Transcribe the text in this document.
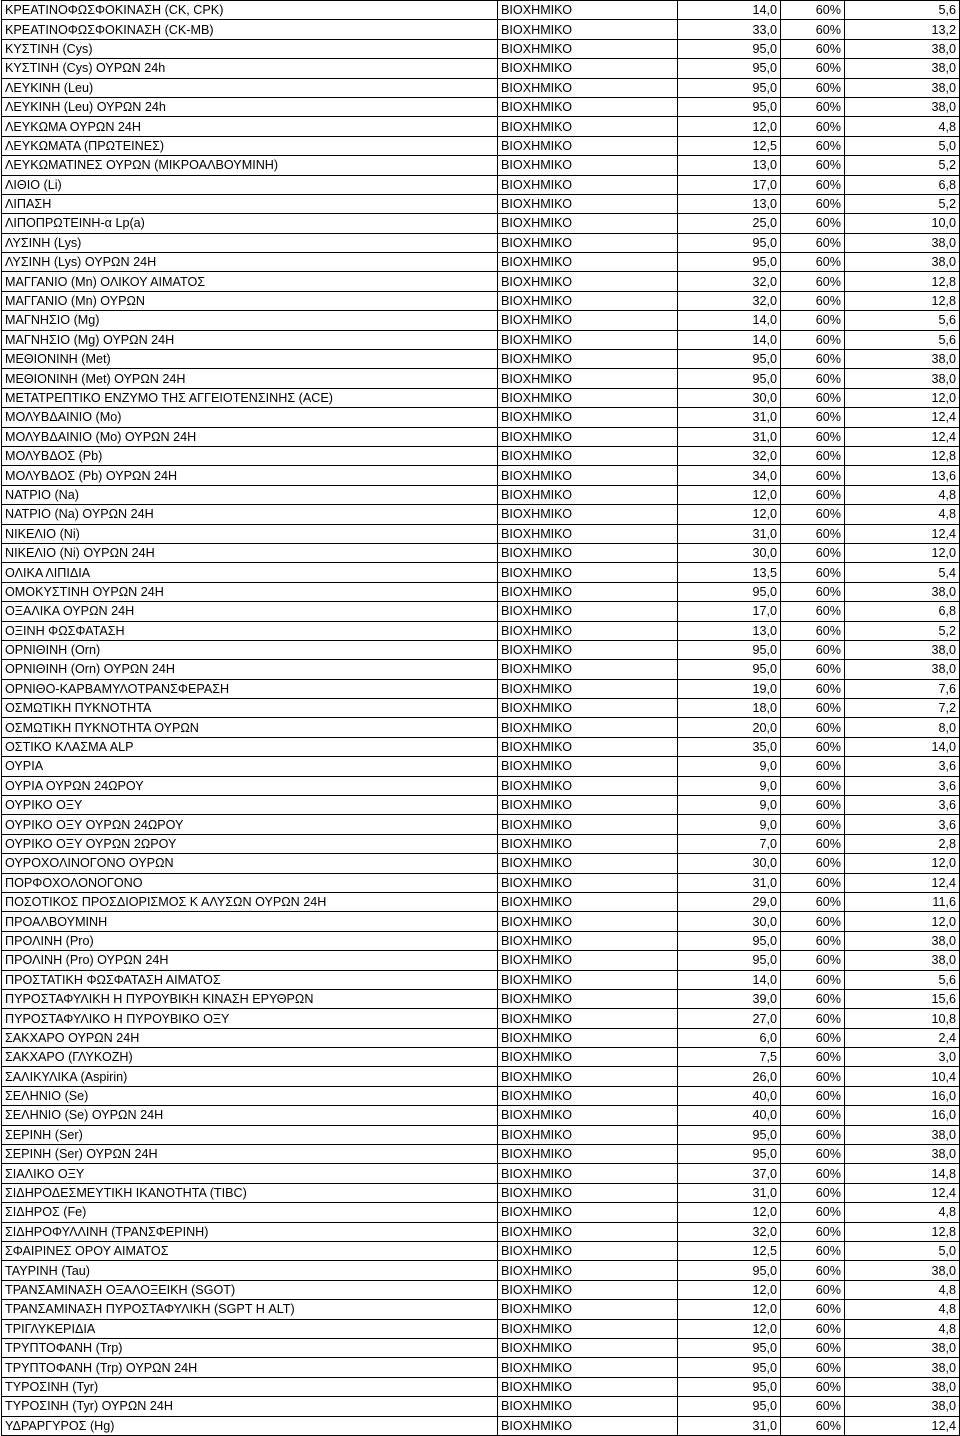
ΚΡΕΑΤΙΝΟΦΩΣΦΟΚΙΝΑΣΗ (CK, CPK)	ΒΙΟΧΗΜΙΚΟ	14,0	60%	5,6
ΚΡΕΑΤΙΝΟΦΩΣΦΟΚΙΝΑΣΗ (CK-MB)	ΒΙΟΧΗΜΙΚΟ	33,0	60%	13,2
ΚΥΣΤΙΝΗ (Cys)	ΒΙΟΧΗΜΙΚΟ	95,0	60%	38,0
ΚΥΣΤΙΝΗ (Cys) ΟΥΡΩΝ 24h	ΒΙΟΧΗΜΙΚΟ	95,0	60%	38,0
ΛΕΥΚΙΝΗ (Leu)	ΒΙΟΧΗΜΙΚΟ	95,0	60%	38,0
ΛΕΥΚΙΝΗ (Leu) ΟΥΡΩΝ 24h	ΒΙΟΧΗΜΙΚΟ	95,0	60%	38,0
ΛΕΥΚΩΜΑ ΟΥΡΩΝ 24Η	ΒΙΟΧΗΜΙΚΟ	12,0	60%	4,8
ΛΕΥΚΩΜΑΤΑ (ΠΡΩΤΕΙΝΕΣ)	ΒΙΟΧΗΜΙΚΟ	12,5	60%	5,0
ΛΕΥΚΩΜΑΤΙΝΕΣ ΟΥΡΩΝ (ΜΙΚΡΟΑΛΒΟΥΜΙΝΗ)	ΒΙΟΧΗΜΙΚΟ	13,0	60%	5,2
ΛΙΘΙΟ (Li)	ΒΙΟΧΗΜΙΚΟ	17,0	60%	6,8
ΛΙΠΑΣΗ	ΒΙΟΧΗΜΙΚΟ	13,0	60%	5,2
ΛΙΠΟΠΡΩΤΕΙΝΗ-α Lp(a)	ΒΙΟΧΗΜΙΚΟ	25,0	60%	10,0
ΛΥΣΙΝΗ (Lys)	ΒΙΟΧΗΜΙΚΟ	95,0	60%	38,0
ΛΥΣΙΝΗ (Lys) ΟΥΡΩΝ 24Η	ΒΙΟΧΗΜΙΚΟ	95,0	60%	38,0
ΜΑΓΓΑΝΙΟ (Mn) ΟΛΙΚΟΥ ΑΙΜΑΤΟΣ	ΒΙΟΧΗΜΙΚΟ	32,0	60%	12,8
ΜΑΓΓΑΝΙΟ (Mn) ΟΥΡΩΝ	ΒΙΟΧΗΜΙΚΟ	32,0	60%	12,8
ΜΑΓΝΗΣΙΟ (Mg)	ΒΙΟΧΗΜΙΚΟ	14,0	60%	5,6
ΜΑΓΝΗΣΙΟ (Mg) ΟΥΡΩΝ 24Η	ΒΙΟΧΗΜΙΚΟ	14,0	60%	5,6
ΜΕΘΙΟΝΙΝΗ (Met)	ΒΙΟΧΗΜΙΚΟ	95,0	60%	38,0
ΜΕΘΙΟΝΙΝΗ (Met) ΟΥΡΩΝ 24Η	ΒΙΟΧΗΜΙΚΟ	95,0	60%	38,0
ΜΕΤΑΤΡΕΠΤΙΚΟ ΕΝΖΥΜΟ ΤΗΣ ΑΓΓΕΙΟΤΕΝΣΙΝΗΣ (ACE)	ΒΙΟΧΗΜΙΚΟ	30,0	60%	12,0
ΜΟΛΥΒΔΑΙΝΙΟ (Mo)	ΒΙΟΧΗΜΙΚΟ	31,0	60%	12,4
ΜΟΛΥΒΔΑΙΝΙΟ (Mo) ΟΥΡΩΝ 24Η	ΒΙΟΧΗΜΙΚΟ	31,0	60%	12,4
ΜΟΛΥΒΔΟΣ (Pb)	ΒΙΟΧΗΜΙΚΟ	32,0	60%	12,8
ΜΟΛΥΒΔΟΣ (Pb) ΟΥΡΩΝ 24Η	ΒΙΟΧΗΜΙΚΟ	34,0	60%	13,6
ΝΑΤΡΙΟ (Na)	ΒΙΟΧΗΜΙΚΟ	12,0	60%	4,8
ΝΑΤΡΙΟ (Na) ΟΥΡΩΝ 24Η	ΒΙΟΧΗΜΙΚΟ	12,0	60%	4,8
ΝΙΚΕΛΙΟ (Ni)	ΒΙΟΧΗΜΙΚΟ	31,0	60%	12,4
ΝΙΚΕΛΙΟ (Ni) ΟΥΡΩΝ 24Η	ΒΙΟΧΗΜΙΚΟ	30,0	60%	12,0
ΟΛΙΚΑ ΛΙΠΙΔΙΑ	ΒΙΟΧΗΜΙΚΟ	13,5	60%	5,4
ΟΜΟΚΥΣΤΙΝΗ ΟΥΡΩΝ 24Η	ΒΙΟΧΗΜΙΚΟ	95,0	60%	38,0
ΟΞΑΛΙΚΑ ΟΥΡΩΝ 24Η	ΒΙΟΧΗΜΙΚΟ	17,0	60%	6,8
ΟΞΙΝΗ ΦΩΣΦΑΤΑΣΗ	ΒΙΟΧΗΜΙΚΟ	13,0	60%	5,2
ΟΡΝΙΘΙΝΗ (Orn)	ΒΙΟΧΗΜΙΚΟ	95,0	60%	38,0
ΟΡΝΙΘΙΝΗ (Orn) ΟΥΡΩΝ 24Η	ΒΙΟΧΗΜΙΚΟ	95,0	60%	38,0
ΟΡΝΙΘΟ-ΚΑΡΒΑΜΥΛΟΤΡΑΝΣΦΕΡΑΣΗ	ΒΙΟΧΗΜΙΚΟ	19,0	60%	7,6
ΟΣΜΩΤΙΚΗ ΠΥΚΝΟΤΗΤΑ	ΒΙΟΧΗΜΙΚΟ	18,0	60%	7,2
ΟΣΜΩΤΙΚΗ ΠΥΚΝΟΤΗΤΑ ΟΥΡΩΝ	ΒΙΟΧΗΜΙΚΟ	20,0	60%	8,0
ΟΣΤΙΚΟ ΚΛΑΣΜΑ ALP	ΒΙΟΧΗΜΙΚΟ	35,0	60%	14,0
ΟΥΡΙΑ	ΒΙΟΧΗΜΙΚΟ	9,0	60%	3,6
ΟΥΡΙΑ ΟΥΡΩΝ 24ΩΡΟΥ	ΒΙΟΧΗΜΙΚΟ	9,0	60%	3,6
ΟΥΡΙΚΟ ΟΞΥ	ΒΙΟΧΗΜΙΚΟ	9,0	60%	3,6
ΟΥΡΙΚΟ ΟΞΥ ΟΥΡΩΝ 24ΩΡΟΥ	ΒΙΟΧΗΜΙΚΟ	9,0	60%	3,6
ΟΥΡΙΚΟ ΟΞΥ ΟΥΡΩΝ 2ΩΡΟΥ	ΒΙΟΧΗΜΙΚΟ	7,0	60%	2,8
ΟΥΡΟΧΟΛΙΝΟΓΟΝΟ ΟΥΡΩΝ	ΒΙΟΧΗΜΙΚΟ	30,0	60%	12,0
ΠΟΡΦΟΧΟΛΟΝΟΓΟΝΟ	ΒΙΟΧΗΜΙΚΟ	31,0	60%	12,4
ΠΟΣΟΤΙΚΟΣ ΠΡΟΣΔΙΟΡΙΣΜΟΣ Κ ΑΛΥΣΩΝ ΟΥΡΩΝ 24Η	ΒΙΟΧΗΜΙΚΟ	29,0	60%	11,6
ΠΡΟΑΛΒΟΥΜΙΝΗ	ΒΙΟΧΗΜΙΚΟ	30,0	60%	12,0
ΠΡΟΛΙΝΗ (Pro)	ΒΙΟΧΗΜΙΚΟ	95,0	60%	38,0
ΠΡΟΛΙΝΗ (Pro) ΟΥΡΩΝ 24Η	ΒΙΟΧΗΜΙΚΟ	95,0	60%	38,0
ΠΡΟΣΤΑΤΙΚΗ ΦΩΣΦΑΤΑΣΗ ΑΙΜΑΤΟΣ	ΒΙΟΧΗΜΙΚΟ	14,0	60%	5,6
ΠΥΡΟΣΤΑΦΥΛΙΚΗ Η ΠΥΡΟΥΒΙΚΗ ΚΙΝΑΣΗ ΕΡΥΘΡΩΝ	ΒΙΟΧΗΜΙΚΟ	39,0	60%	15,6
ΠΥΡΟΣΤΑΦΥΛΙΚΟ Η ΠΥΡΟΥΒΙΚΟ ΟΞΥ	ΒΙΟΧΗΜΙΚΟ	27,0	60%	10,8
ΣΑΚΧΑΡΟ ΟΥΡΩΝ 24Η	ΒΙΟΧΗΜΙΚΟ	6,0	60%	2,4
ΣΑΚΧΑΡΟ (ΓΛΥΚΟΖΗ)	ΒΙΟΧΗΜΙΚΟ	7,5	60%	3,0
ΣΑΛΙΚΥΛΙΚΑ (Aspirin)	ΒΙΟΧΗΜΙΚΟ	26,0	60%	10,4
ΣΕΛΗΝΙΟ (Se)	ΒΙΟΧΗΜΙΚΟ	40,0	60%	16,0
ΣΕΛΗΝΙΟ (Se) ΟΥΡΩΝ 24Η	ΒΙΟΧΗΜΙΚΟ	40,0	60%	16,0
ΣΕΡΙΝΗ (Ser)	ΒΙΟΧΗΜΙΚΟ	95,0	60%	38,0
ΣΕΡΙΝΗ (Ser) ΟΥΡΩΝ 24Η	ΒΙΟΧΗΜΙΚΟ	95,0	60%	38,0
ΣΙΑΛΙΚΟ ΟΞΥ	ΒΙΟΧΗΜΙΚΟ	37,0	60%	14,8
ΣΙΔΗΡΟΔΕΣΜΕΥΤΙΚΗ ΙΚΑΝΟΤΗΤΑ (TIBC)	ΒΙΟΧΗΜΙΚΟ	31,0	60%	12,4
ΣΙΔΗΡΟΣ (Fe)	ΒΙΟΧΗΜΙΚΟ	12,0	60%	4,8
ΣΙΔΗΡΟΦΥΛΛΙΝΗ (ΤΡΑΝΣΦΕΡΙΝΗ)	ΒΙΟΧΗΜΙΚΟ	32,0	60%	12,8
ΣΦΑΙΡΙΝΕΣ ΟΡΟΥ ΑΙΜΑΤΟΣ	ΒΙΟΧΗΜΙΚΟ	12,5	60%	5,0
ΤΑΥΡΙΝΗ (Tau)	ΒΙΟΧΗΜΙΚΟ	95,0	60%	38,0
ΤΡΑΝΣΑΜΙΝΑΣΗ ΟΞΑΛΟΞΕΙΚΗ (SGOT)	ΒΙΟΧΗΜΙΚΟ	12,0	60%	4,8
ΤΡΑΝΣΑΜΙΝΑΣΗ ΠΥΡΟΣΤΑΦΥΛΙΚΗ (SGPT Η ALT)	ΒΙΟΧΗΜΙΚΟ	12,0	60%	4,8
ΤΡΙΓΛΥΚΕΡΙΔΙΑ	ΒΙΟΧΗΜΙΚΟ	12,0	60%	4,8
ΤΡΥΠΤΟΦΑΝΗ (Trp)	ΒΙΟΧΗΜΙΚΟ	95,0	60%	38,0
ΤΡΥΠΤΟΦΑΝΗ (Trp) ΟΥΡΩΝ 24Η	ΒΙΟΧΗΜΙΚΟ	95,0	60%	38,0
ΤΥΡΟΣΙΝΗ (Tyr)	ΒΙΟΧΗΜΙΚΟ	95,0	60%	38,0
ΤΥΡΟΣΙΝΗ (Tyr) ΟΥΡΩΝ 24Η	ΒΙΟΧΗΜΙΚΟ	95,0	60%	38,0
ΥΔΡΑΡΓΥΡΟΣ (Hg)	ΒΙΟΧΗΜΙΚΟ	31,0	60%	12,4
